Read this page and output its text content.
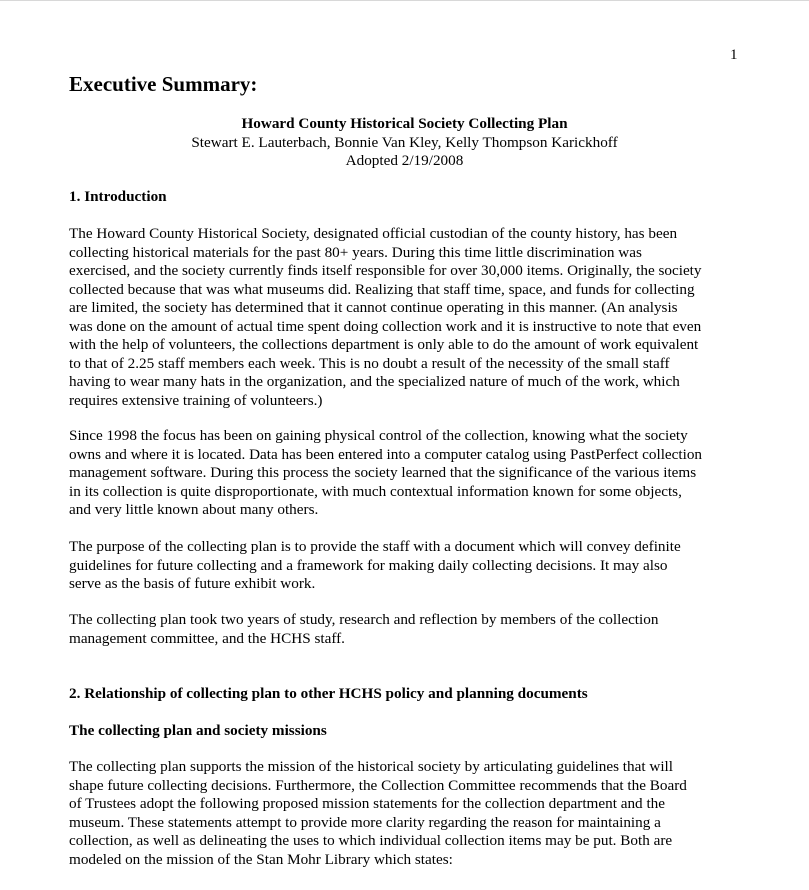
1
Executive Summary:
Howard County Historical Society Collecting Plan
Stewart E. Lauterbach, Bonnie Van Kley, Kelly Thompson Karickhoff
Adopted 2/19/2008
1. Introduction

The Howard County Historical Society, designated official custodian of the county history, has been
collecting historical materials for the past 80+ years. During this time little discrimination was
exercised, and the society currently finds itself responsible for over 30,000 items. Originally, the society
collected because that was what museums did. Realizing that staff time, space, and funds for collecting
are limited, the society has determined that it cannot continue operating in this manner. (An analysis
was done on the amount of actual time spent doing collection work and it is instructive to note that even
with the help of volunteers, the collections department is only able to do the amount of work equivalent
to that of 2.25 staff members each week. This is no doubt a result of the necessity of the small staff
having to wear many hats in the organization, and the specialized nature of much of the work, which
requires extensive training of volunteers.)

Since 1998 the focus has been on gaining physical control of the collection, knowing what the society
owns and where it is located. Data has been entered into a computer catalog using PastPerfect collection
management software. During this process the society learned that the significance of the various items
in its collection is quite disproportionate, with much contextual information known for some objects,
and very little known about many others.

The purpose of the collecting plan is to provide the staff with a document which will convey definite
guidelines for future collecting and a framework for making daily collecting decisions. It may also
serve as the basis of future exhibit work.

The collecting plan took two years of study, research and reflection by members of the collection
management committee, and the HCHS staff.

2. Relationship of collecting plan to other HCHS policy and planning documents
The collecting plan and society missions

The collecting plan supports the mission of the historical society by articulating guidelines that will
shape future collecting decisions. Furthermore, the Collection Committee recommends that the Board
of Trustees adopt the following proposed mission statements for the collection department and the
museum. These statements attempt to provide more clarity regarding the reason for maintaining a
collection, as well as delineating the uses to which individual collection items may be put. Both are
modeled on the mission of the Stan Mohr Library which states:
